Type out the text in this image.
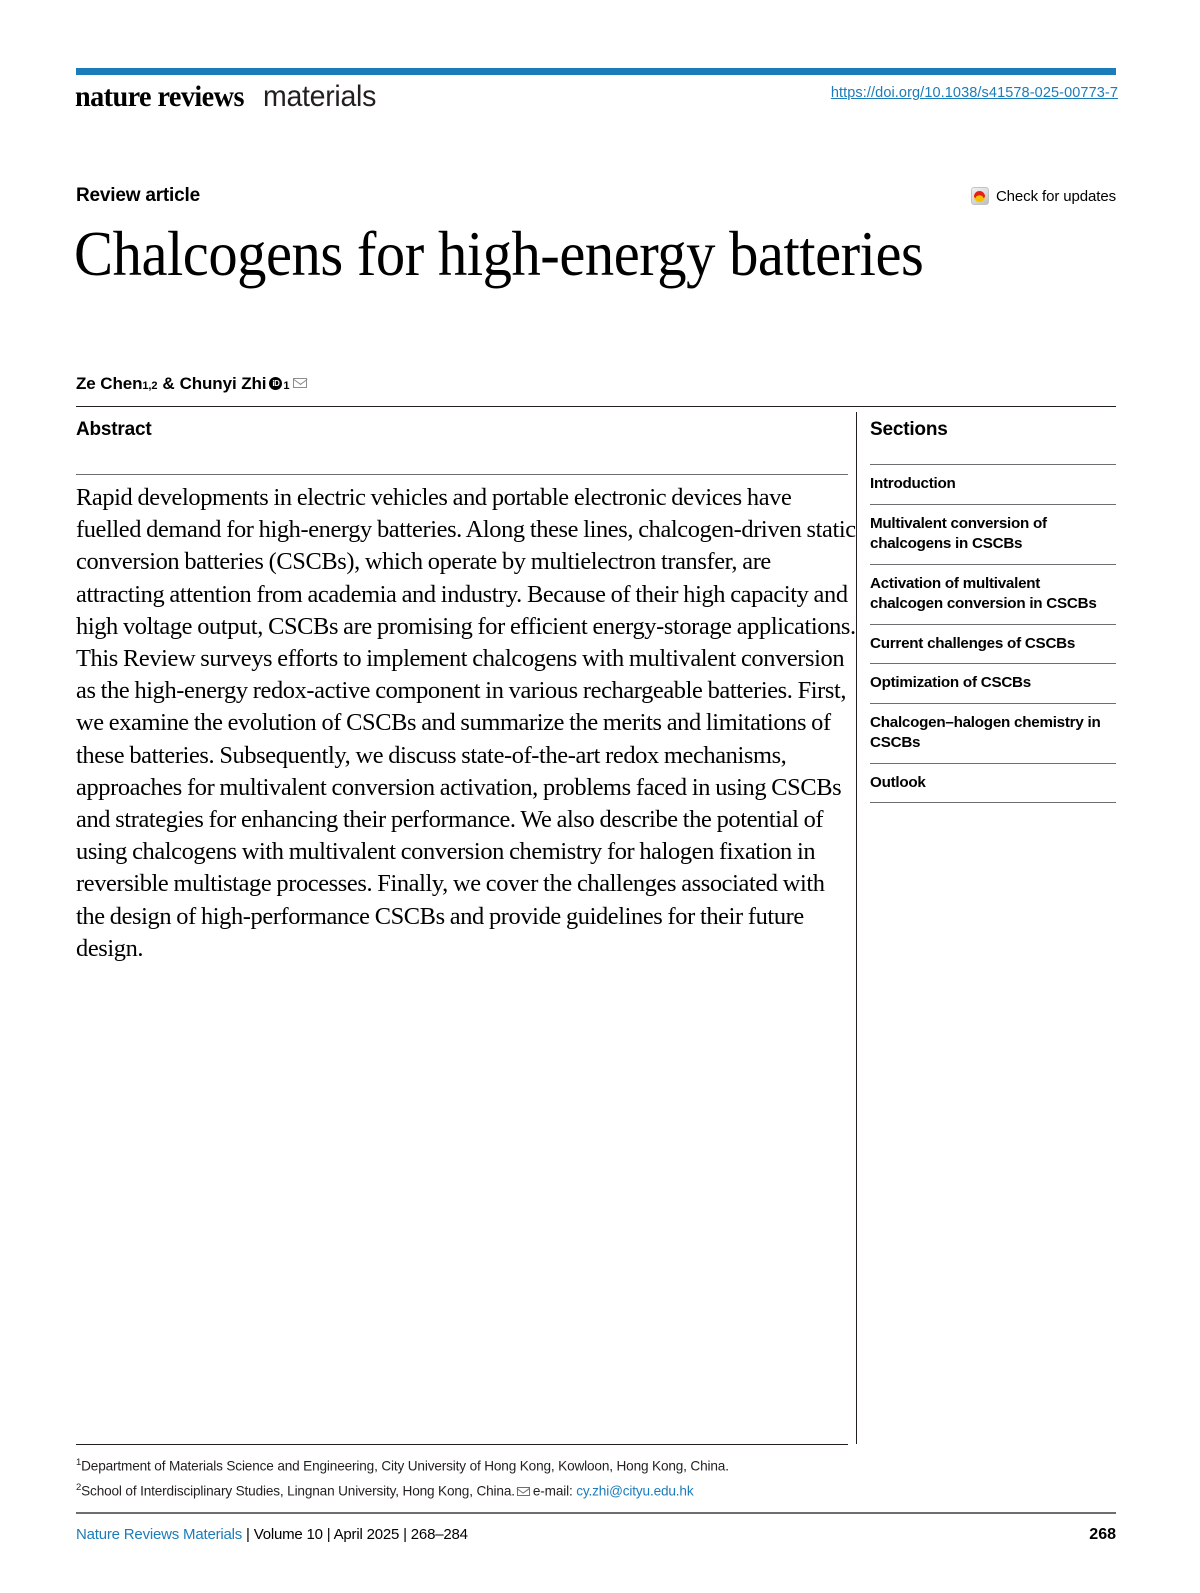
nature reviews materials	https://doi.org/10.1038/s41578-025-00773-7
Review article	Check for updates
Chalcogens for high-energy batteries
Ze Chen 1,2 & Chunyi Zhi iD 1
Abstract

Rapid developments in electric vehicles and portable electronic devices have fuelled demand for high-energy batteries. Along these lines, chalcogen-driven static conversion batteries (CSCBs), which operate by multielectron transfer, are attracting attention from academia and industry. Because of their high capacity and high voltage output, CSCBs are promising for efficient energy-storage applications. This Review surveys efforts to implement chalcogens with multivalent conversion as the high-energy redox-active component in various rechargeable batteries. First, we examine the evolution of CSCBs and summarize the merits and limitations of these batteries. Subsequently, we discuss state-of-the-art redox mechanisms, approaches for multivalent conversion activation, problems faced in using CSCBs and strategies for enhancing their performance. We also describe the potential of using chalcogens with multivalent conversion chemistry for halogen fixation in reversible multistage processes. Finally, we cover the challenges associated with the design of high-performance CSCBs and provide guidelines for their future design.

Sections
Introduction
Multivalent conversion of chalcogens in CSCBs
Activation of multivalent chalcogen conversion in CSCBs
Current challenges of CSCBs
Optimization of CSCBs
Chalcogen–halogen chemistry in CSCBs
Outlook
$^1$Department of Materials Science and Engineering, City University of Hong Kong, Kowloon, Hong Kong, China.
$^2$School of Interdisciplinary Studies, Lingnan University, Hong Kong, China. e-mail: cy.zhi@cityu.edu.hk
Nature Reviews Materials | Volume 10 | April 2025 | 268–284	268
